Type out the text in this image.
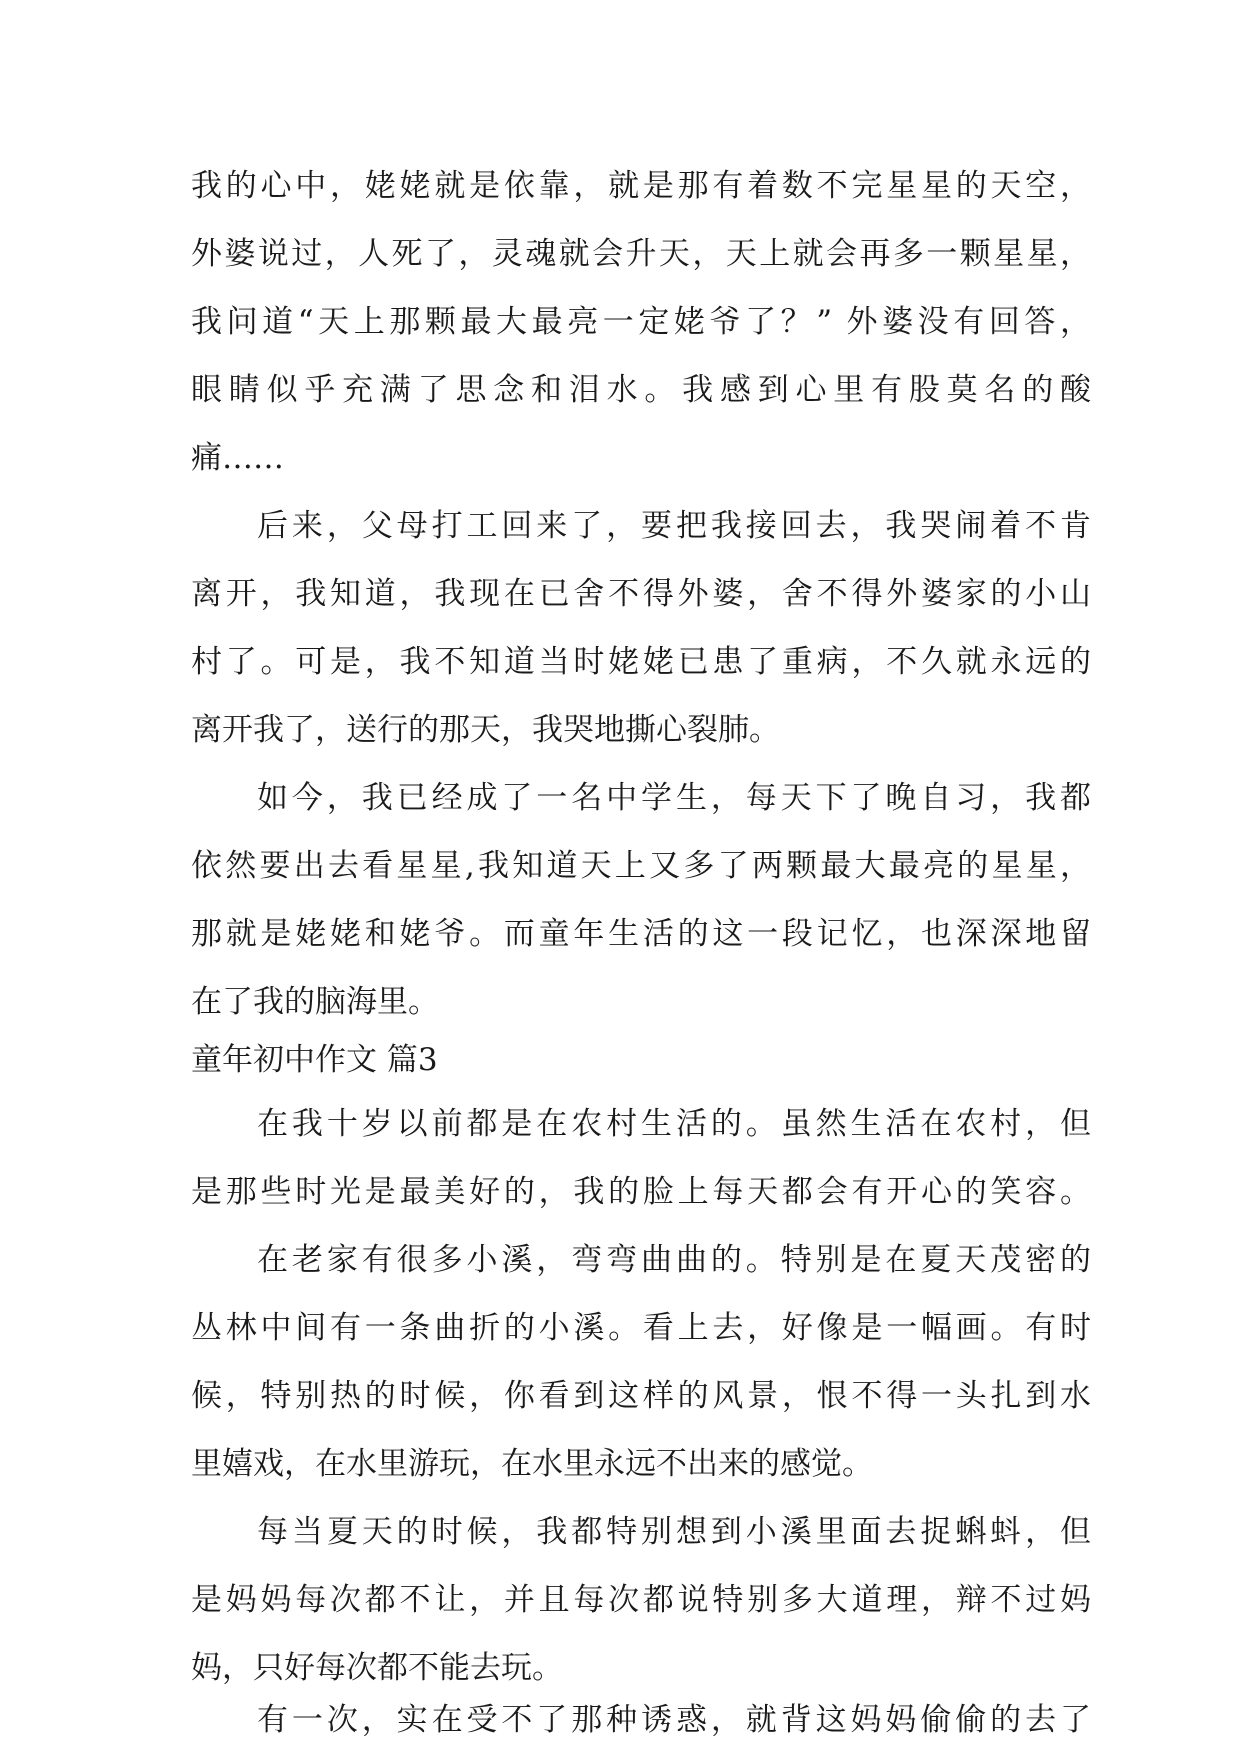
我的心中，姥姥就是依靠，就是那有着数不完星星的天空，
外婆说过，人死了，灵魂就会升天，天上就会再多一颗星星，
我问道“天上那颗最大最亮一定姥爷了？” 外婆没有回答，
眼睛似乎充满了思念和泪水。我感到心里有股莫名的酸
痛……
后来，父母打工回来了，要把我接回去，我哭闹着不肯
离开，我知道，我现在已舍不得外婆，舍不得外婆家的小山
村了。可是，我不知道当时姥姥已患了重病，不久就永远的
离开我了，送行的那天，我哭地撕心裂肺。
如今，我已经成了一名中学生，每天下了晚自习，我都
依然要出去看星星,我知道天上又多了两颗最大最亮的星星，
那就是姥姥和姥爷。而童年生活的这一段记忆，也深深地留
在了我的脑海里。
童年初中作文 篇3
在我十岁以前都是在农村生活的。虽然生活在农村，但
是那些时光是最美好的，我的脸上每天都会有开心的笑容。
在老家有很多小溪，弯弯曲曲的。特别是在夏天茂密的
丛林中间有一条曲折的小溪。看上去，好像是一幅画。有时
候，特别热的时候，你看到这样的风景，恨不得一头扎到水
里嬉戏，在水里游玩，在水里永远不出来的感觉。
每当夏天的时候，我都特别想到小溪里面去捉蝌蚪，但
是妈妈每次都不让，并且每次都说特别多大道理，辩不过妈
妈，只好每次都不能去玩。
有一次，实在受不了那种诱惑，就背这妈妈偷偷的去了
